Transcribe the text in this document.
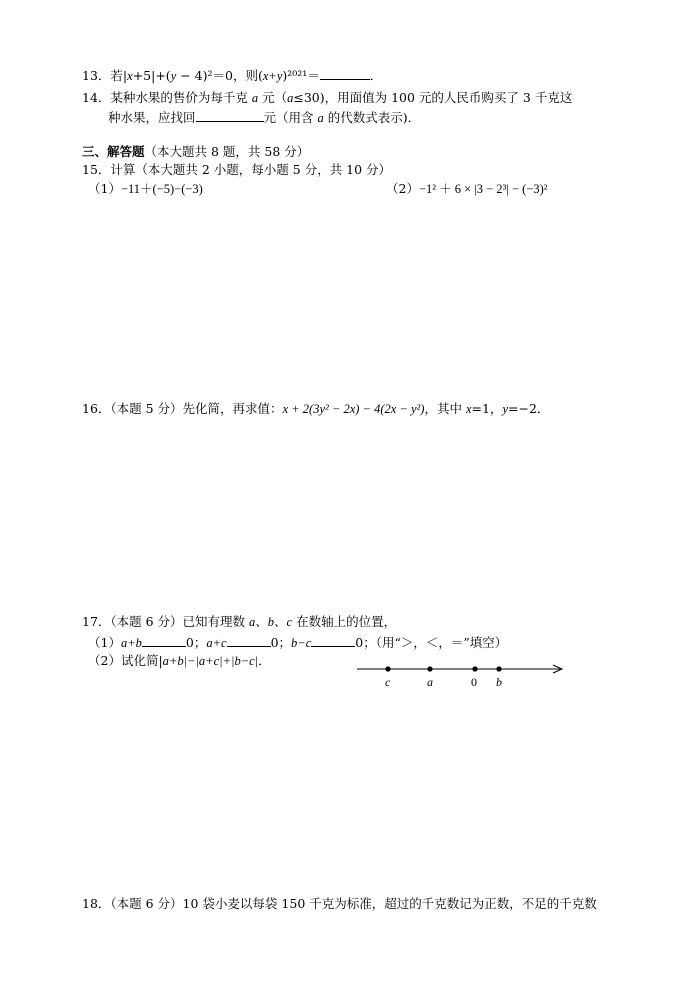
13．若|x+5|+(y − 4)²＝0，则(x+y)²⁰²¹＝	．
14．某种水果的售价为每千克 a 元（a≤30)，用面值为 100 元的人民币购买了 3 千克这
种水果，应找回	元（用含 a 的代数式表示)．
三、解答题（本大题共 8 题，共 58 分）
15．计算（本大题共 2 小题，每小题 5 分，共 10 分）
（1）−11＋(−5)−(−3)	（2）−1² ＋ 6 × |3 − 2³| − (−3)²
16．（本题 5 分）先化简，再求值：x + 2(3y² − 2x) − 4(2x − y²)，其中 x=1，y=−2．
17．（本题 6 分）已知有理数 a、b、c 在数轴上的位置，
（1）a+b	0；a+c	0；b−c	0；（用“＞，＜，＝”填空）
（2）试化简|a+b|−|a+c|+|b−c|．
c	a	0 b
18．（本题 6 分）10 袋小麦以每袋 150 千克为标准，超过的千克数记为正数，不足的千克数
